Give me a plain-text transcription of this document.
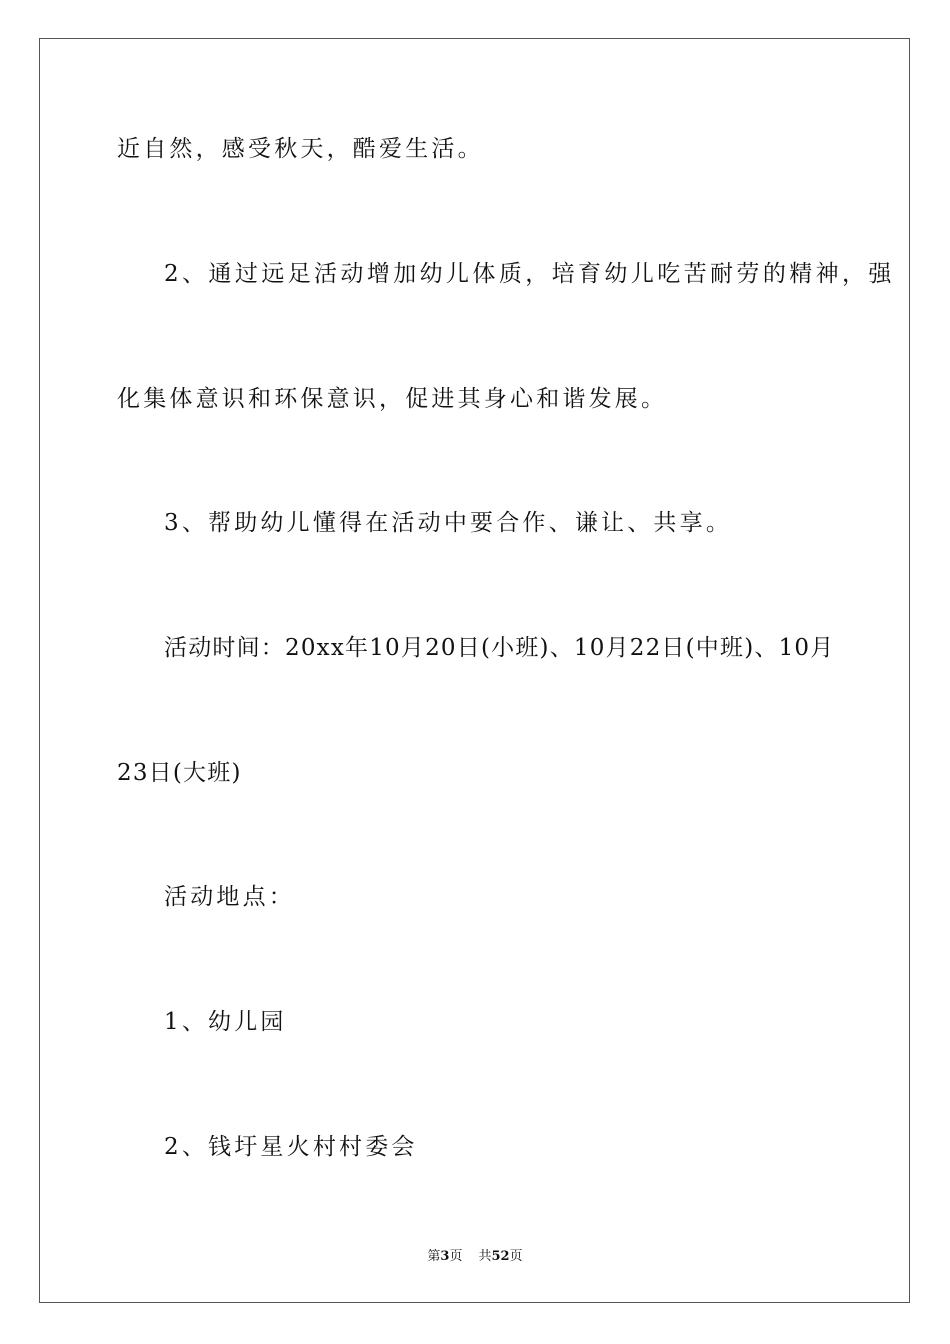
近自然，感受秋天，酷爱生活。
2、通过远足活动增加幼儿体质，培育幼儿吃苦耐劳的精神，强
化集体意识和环保意识，促进其身心和谐发展。
3、帮助幼儿懂得在活动中要合作、谦让、共享。
活动时间：20xx年10月20日(小班)、10月22日(中班)、10月
23日(大班)
活动地点：
1、幼儿园
2、钱圩星火村村委会
第3页 共52页
